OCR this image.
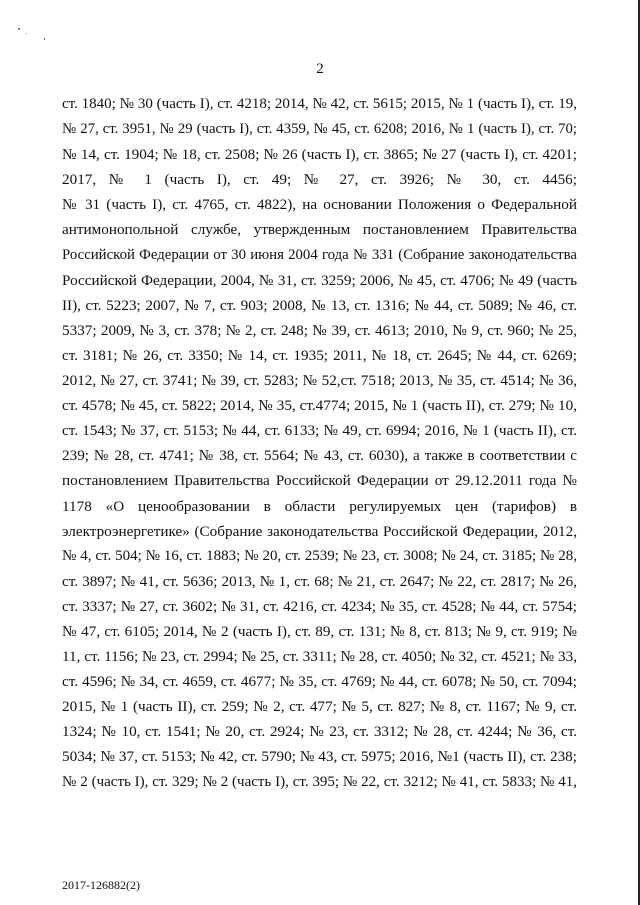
2
ст. 1840; № 30 (часть I), ст. 4218; 2014, № 42, ст. 5615; 2015, № 1 (часть I), ст. 19,
№ 27, ст. 3951, № 29 (часть I), ст. 4359, № 45, ст. 6208; 2016, № 1 (часть I), ст. 70;
№ 14, ст. 1904; № 18, ст. 2508; № 26 (часть I), ст. 3865; № 27 (часть I), ст. 4201;
2017, № 1 (часть I), ст. 49; № 27, ст. 3926; № 30, ст. 4456;
№ 31 (часть I), ст. 4765, ст. 4822), на основании Положения о Федеральной
антимонопольной службе, утвержденным постановлением Правительства
Российской Федерации от 30 июня 2004 года № 331 (Собрание законодательства
Российской Федерации, 2004, № 31, ст. 3259; 2006, № 45, ст. 4706; № 49 (часть
II), ст. 5223; 2007, № 7, ст. 903; 2008, № 13, ст. 1316; № 44, ст. 5089; № 46, ст.
5337; 2009, № 3, ст. 378; № 2, ст. 248; № 39, ст. 4613; 2010, № 9, ст. 960; № 25,
ст. 3181; № 26, ст. 3350; № 14, ст. 1935; 2011, № 18, ст. 2645; № 44, ст. 6269;
2012, № 27, ст. 3741; № 39, ст. 5283; № 52,ст. 7518; 2013, № 35, ст. 4514; № 36,
ст. 4578; № 45, ст. 5822; 2014, № 35, ст.4774; 2015, № 1 (часть II), ст. 279; № 10,
ст. 1543; № 37, ст. 5153; № 44, ст. 6133; № 49, ст. 6994; 2016, № 1 (часть II), ст.
239; № 28, ст. 4741; № 38, ст. 5564; № 43, ст. 6030), а также в соответствии с
постановлением Правительства Российской Федерации от 29.12.2011 года №
1178 «О ценообразовании в области регулируемых цен (тарифов) в
электроэнергетике» (Собрание законодательства Российской Федерации, 2012,
№ 4, ст. 504; № 16, ст. 1883; № 20, ст. 2539; № 23, ст. 3008; № 24, ст. 3185; № 28,
ст. 3897; № 41, ст. 5636; 2013, № 1, ст. 68; № 21, ст. 2647; № 22, ст. 2817; № 26,
ст. 3337; № 27, ст. 3602; № 31, ст. 4216, ст. 4234; № 35, ст. 4528; № 44, ст. 5754;
№ 47, ст. 6105; 2014, № 2 (часть I), ст. 89, ст. 131; № 8, ст. 813; № 9, ст. 919; №
11, ст. 1156; № 23, ст. 2994; № 25, ст. 3311; № 28, ст. 4050; № 32, ст. 4521; № 33,
ст. 4596; № 34, ст. 4659, ст. 4677; № 35, ст. 4769; № 44, ст. 6078; № 50, ст. 7094;
2015, № 1 (часть II), ст. 259; № 2, ст. 477; № 5, ст. 827; № 8, ст. 1167; № 9, ст.
1324; № 10, ст. 1541; № 20, ст. 2924; № 23, ст. 3312; № 28, ст. 4244; № 36, ст.
5034; № 37, ст. 5153; № 42, ст. 5790; № 43, ст. 5975; 2016, №1 (часть II), ст. 238;
№ 2 (часть I), ст. 329; № 2 (часть I), ст. 395; № 22, ст. 3212; № 41, ст. 5833; № 41,
2017-126882(2)
